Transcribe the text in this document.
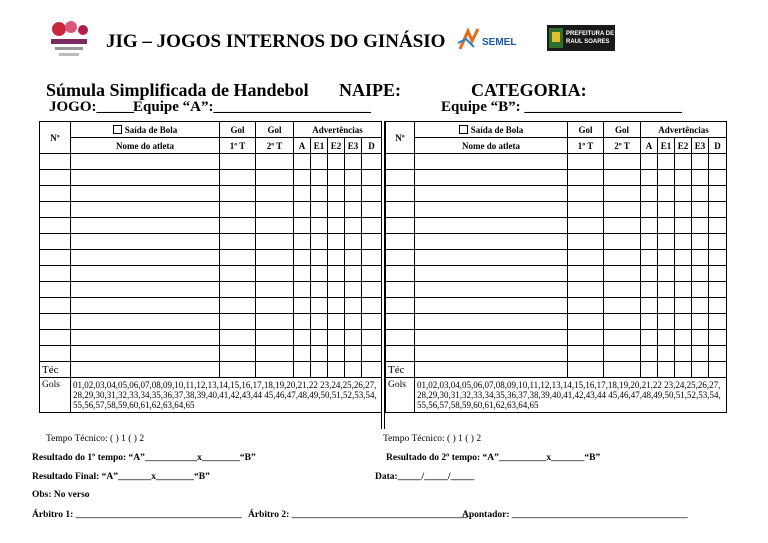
JIG – JOGOS INTERNOS DO GINÁSIO	SEMEL
PREFEITURA DE
RAUL SOARES
Súmula Simplificada de Handebol NAIPE:	CATEGORIA:
JOGO:_____ Equipe “A”:_____________________	Equipe “B”: _____________________
Nº	Saída de Bola	Gol	Gol	Advertências				
	Nome do atleta	1º T	2º T	A	E1	E2	E3	D

Téc								
Gols	01,02,03,04,05,06,07,08,09,10,11,12,13,14,15,16,17,18,19,20,21,22 23,24,25,26,27,28,29,30,31,32,33,34,35,36,37,38,39,40,41,42,43,44 45,46,47,48,49,50,51,52,53,54,55,56,57,58,59,60,61,62,63,64,65							
Nº	Saída de Bola	Gol	Gol	Advertências				
	Nome do atleta	1º T	2º T	A	E1	E2	E3	D

Téc								
Gols	01,02,03,04,05,06,07,08,09,10,11,12,13,14,15,16,17,18,19,20,21,22 23,24,25,26,27,28,29,30,31,32,33,34,35,36,37,38,39,40,41,42,43,44 45,46,47,48,49,50,51,52,53,54,55,56,57,58,59,60,61,62,63,64,65							
Tempo Técnico: ( ) 1 ( ) 2	Tempo Técnico: ( ) 1 ( ) 2
Resultado do 1º tempo: “A”___________x________“B”	Resultado do 2º tempo: “A”__________x_______“B”
Resultado Final: “A”_______x________“B”	Data:_____/_____/_____
Obs: No verso
Árbitro 1: ___________________________________ Árbitro 2: _____________________________________
Apontador: _____________________________________
